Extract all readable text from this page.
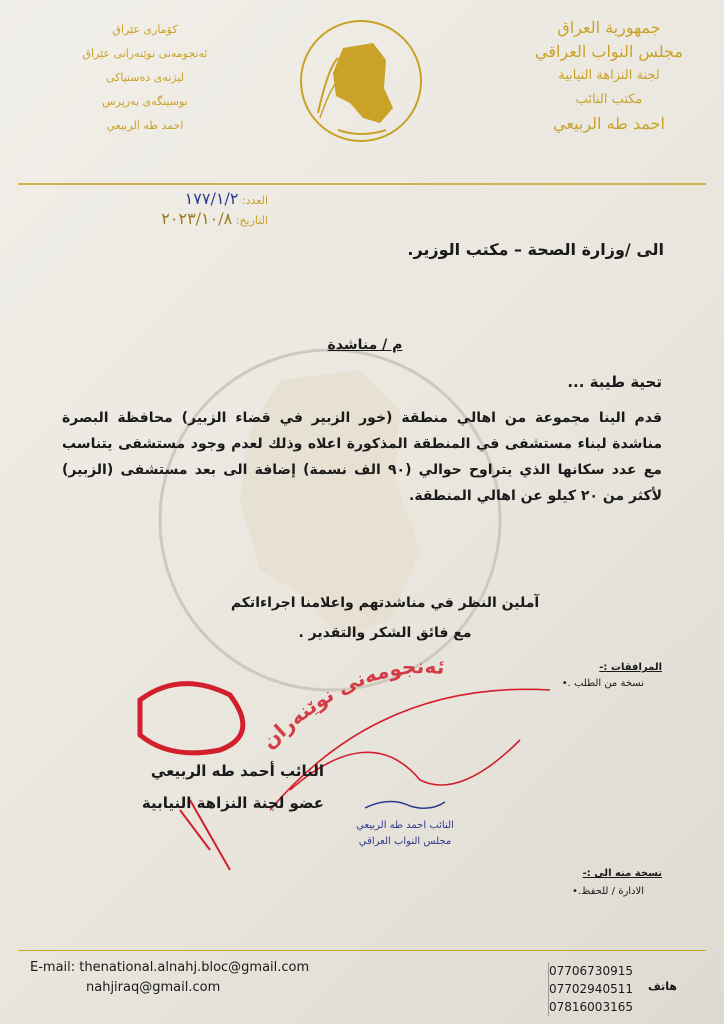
كۆماری عێراق
ئه‌نجومه‌نی نوێنه‌رانی عێراق
لیژنه‌ی ده‌ستپاکی
نوسینگه‌ی به‌رپرس
احمد طه الربيعي
جمهورية العراق
مجلس النواب العراقي
لجنة النزاهة النيابية
مكتب النائب
احمد طه الربيعي
العدد: ١٧٧/١/٢
التاريخ: ٢٠٢٣/١٠/٨
الى /وزارة الصحة – مكتب الوزير.
م / مناشدة
تحية طيبة ...
قدم الينا مجموعة من اهالي منطقة (خور الزبير في قضاء الزبير) محافظة البصرة مناشدة لبناء مستشفى في المنطقة المذكورة اعلاه وذلك لعدم وجود مستشفى يتناسب مع عدد سكانها الذي يتراوح حوالي (٩٠ الف نسمة) إضافة الى بعد مستشفى (الزبير) لأكثر من ٢٠ كيلو عن اهالي المنطقة.
آملين النظر في مناشدتهم واعلامنا اجراءاتكم
مع فائق الشكر والتقدير .
المرافقات :-
نسخة من الطلب .•
ئه‌نجومه‌نی نوێنه‌ران
النائب أحمد طه الربيعي
عضو لجنة النزاهة النيابية
النائب احمد طه الربيعي
مجلس النواب العراقي
نسخة منه الى :-
الادارة / للحفظ.•
E-mail: thenational.alnahj.bloc@gmail.com
nahjiraq@gmail.com
07706730915
07702940511
07816003165
هاتف
